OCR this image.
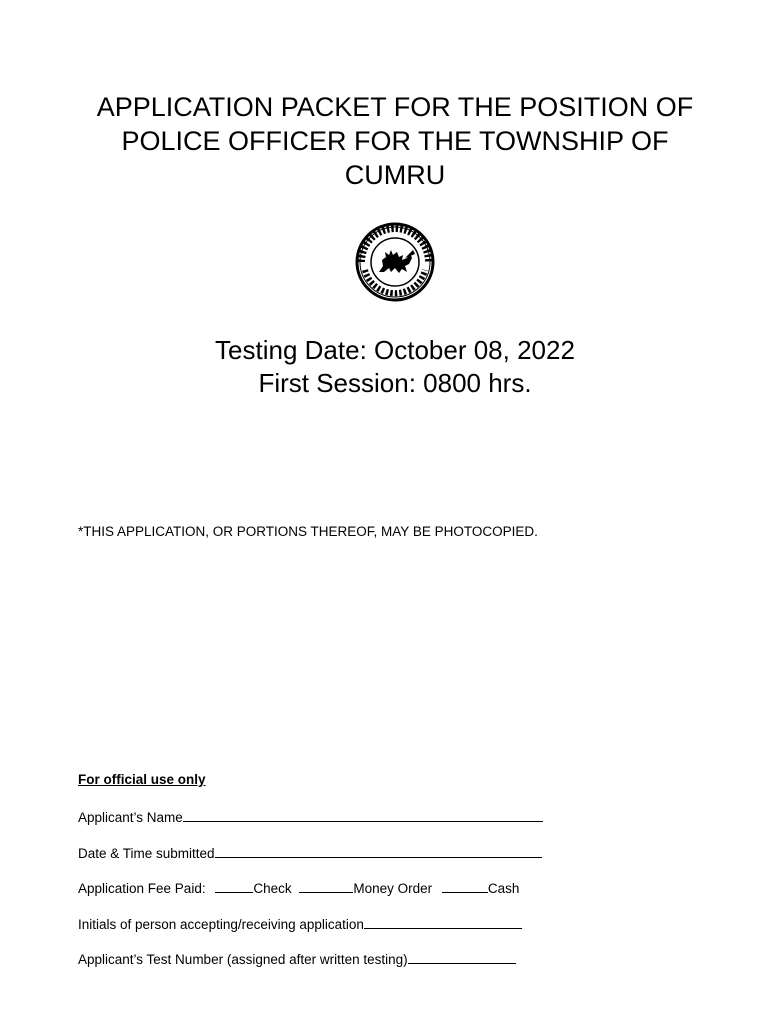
APPLICATION PACKET FOR THE POSITION OF
POLICE OFFICER FOR THE TOWNSHIP OF
CUMRU
Testing Date: October 08, 2022
First Session: 0800 hrs.
*THIS APPLICATION, OR PORTIONS THEREOF, MAY BE PHOTOCOPIED.
For official use only
Applicant’s Name
Date & Time submitted
Application Fee Paid:	Check	Money Order	Cash
Initials of person accepting/receiving application
Applicant’s Test Number (assigned after written testing)
